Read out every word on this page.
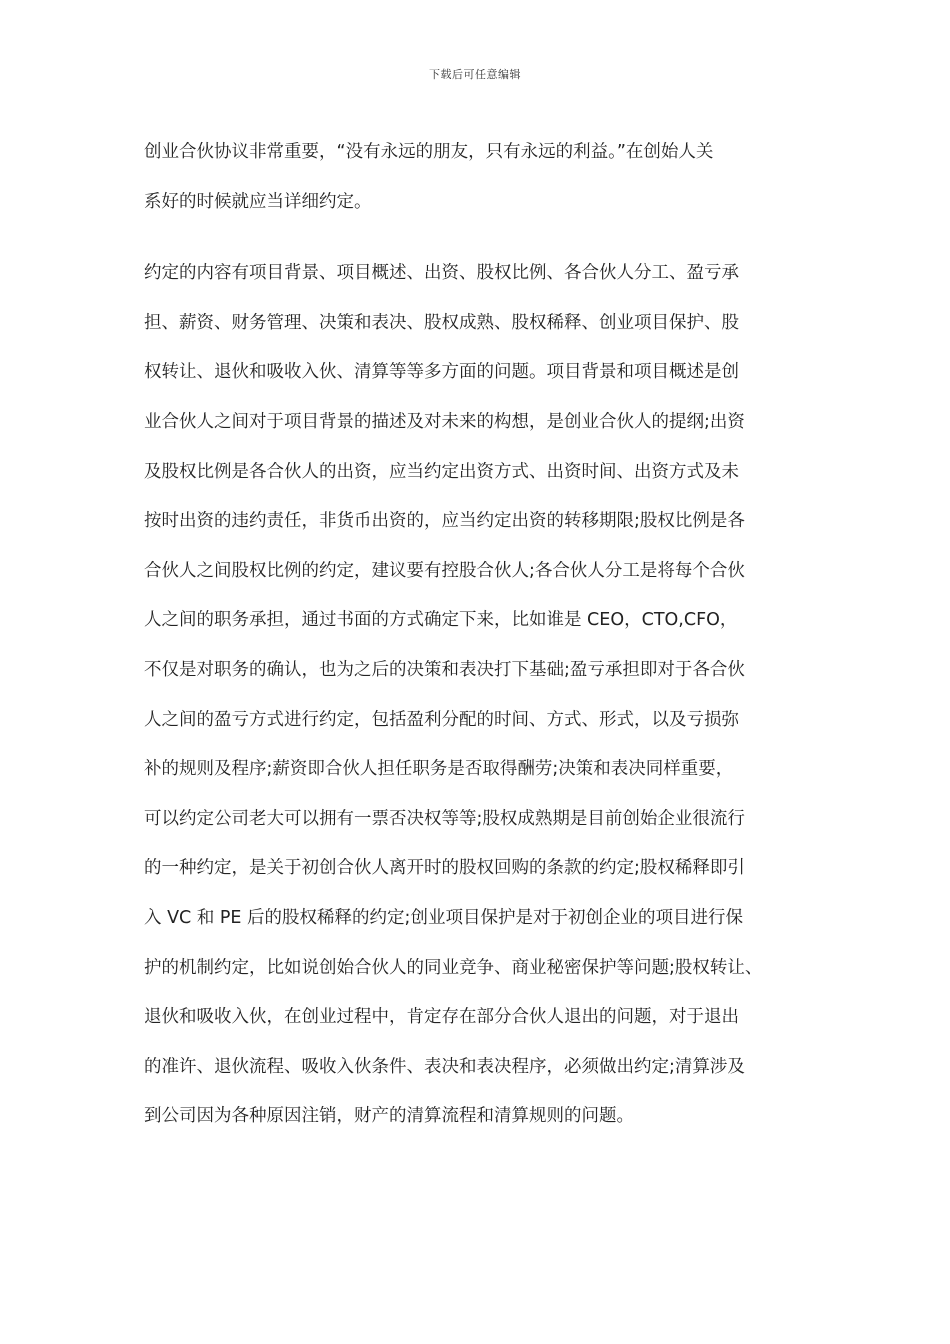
下载后可任意编辑
创业合伙协议非常重要，“没有永远的朋友，只有永远的利益。”在创始人关
系好的时候就应当详细约定。
约定的内容有项目背景、项目概述、出资、股权比例、各合伙人分工、盈亏承
担、薪资、财务管理、决策和表决、股权成熟、股权稀释、创业项目保护、股
权转让、退伙和吸收入伙、清算等等多方面的问题。项目背景和项目概述是创
业合伙人之间对于项目背景的描述及对未来的构想，是创业合伙人的提纲;出资
及股权比例是各合伙人的出资，应当约定出资方式、出资时间、出资方式及未
按时出资的违约责任，非货币出资的，应当约定出资的转移期限;股权比例是各
合伙人之间股权比例的约定，建议要有控股合伙人;各合伙人分工是将每个合伙
人之间的职务承担，通过书面的方式确定下来，比如谁是 CEO，CTO,CFO，
不仅是对职务的确认，也为之后的决策和表决打下基础;盈亏承担即对于各合伙
人之间的盈亏方式进行约定，包括盈利分配的时间、方式、形式，以及亏损弥
补的规则及程序;薪资即合伙人担任职务是否取得酬劳;决策和表决同样重要，
可以约定公司老大可以拥有一票否决权等等;股权成熟期是目前创始企业很流行
的一种约定，是关于初创合伙人离开时的股权回购的条款的约定;股权稀释即引
入 VC 和 PE 后的股权稀释的约定;创业项目保护是对于初创企业的项目进行保
护的机制约定，比如说创始合伙人的同业竞争、商业秘密保护等问题;股权转让、
退伙和吸收入伙，在创业过程中，肯定存在部分合伙人退出的问题，对于退出
的准许、退伙流程、吸收入伙条件、表决和表决程序，必须做出约定;清算涉及
到公司因为各种原因注销，财产的清算流程和清算规则的问题。
